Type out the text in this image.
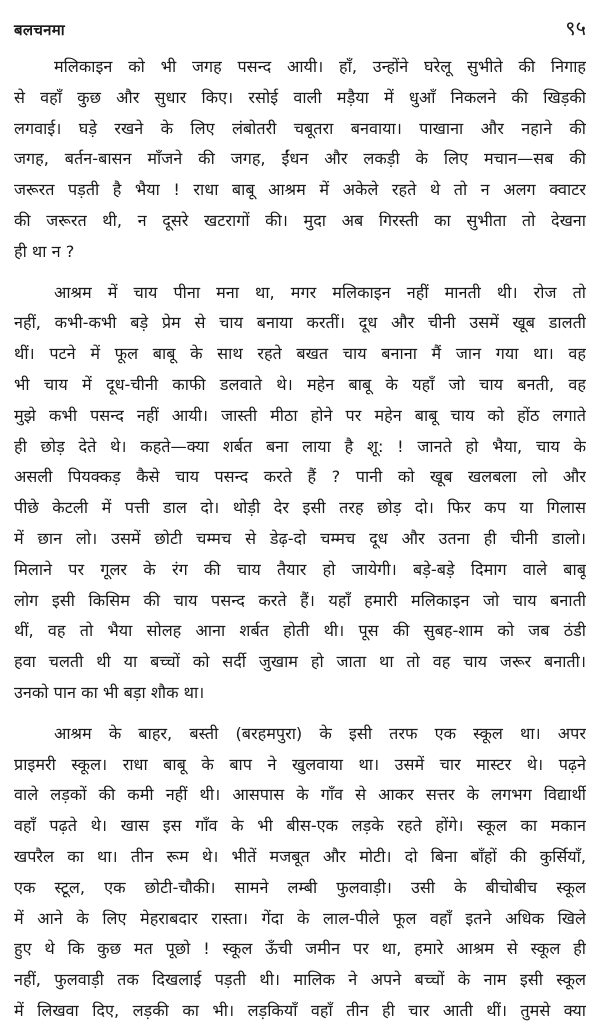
बलचनमा	९५
मलिकाइन को भी जगह पसन्द आयी। हाँ, उन्होंने घरेलू सुभीते की निगाह
से वहाँ कुछ और सुधार किए। रसोई वाली मड़ैया में धुआँ निकलने की खिड़की
लगवाई। घड़े रखने के लिए लंबोतरी चबूतरा बनवाया। पाखाना और नहाने की
जगह, बर्तन-बासन माँजने की जगह, ईंधन और लकड़ी के लिए मचान—सब की
जरूरत पड़ती है भैया ! राधा बाबू आश्रम में अकेले रहते थे तो न अलग क्वाटर
की जरूरत थी, न दूसरे खटरागों की। मुदा अब गिरस्ती का सुभीता तो देखना
ही था न ?
आश्रम में चाय पीना मना था, मगर मलिकाइन नहीं मानती थी। रोज तो
नहीं, कभी-कभी बड़े प्रेम से चाय बनाया करतीं। दूध और चीनी उसमें खूब डालती
थीं। पटने में फूल बाबू के साथ रहते बखत चाय बनाना मैं जान गया था। वह
भी चाय में दूध-चीनी काफी डलवाते थे। महेन बाबू के यहाँ जो चाय बनती, वह
मुझे कभी पसन्द नहीं आयी। जास्ती मीठा होने पर महेन बाबू चाय को होंठ लगाते
ही छोड़ देते थे। कहते—क्या शर्बत बना लाया है शू: ! जानते हो भैया, चाय के
असली पियक्कड़ कैसे चाय पसन्द करते हैं ? पानी को खूब खलबला लो और
पीछे केटली में पत्ती डाल दो। थोड़ी देर इसी तरह छोड़ दो। फिर कप या गिलास
में छान लो। उसमें छोटी चम्मच से डेढ़-दो चम्मच दूध और उतना ही चीनी डालो।
मिलाने पर गूलर के रंग की चाय तैयार हो जायेगी। बड़े-बड़े दिमाग वाले बाबू
लोग इसी किसिम की चाय पसन्द करते हैं। यहाँ हमारी मलिकाइन जो चाय बनाती
थीं, वह तो भैया सोलह आना शर्बत होती थी। पूस की सुबह-शाम को जब ठंडी
हवा चलती थी या बच्चों को सर्दी जुखाम हो जाता था तो वह चाय जरूर बनाती।
उनको पान का भी बड़ा शौक था।
आश्रम के बाहर, बस्ती (बरहमपुरा) के इसी तरफ एक स्कूल था। अपर
प्राइमरी स्कूल। राधा बाबू के बाप ने खुलवाया था। उसमें चार मास्टर थे। पढ़ने
वाले लड़कों की कमी नहीं थी। आसपास के गाँव से आकर सत्तर के लगभग विद्यार्थी
वहाँ पढ़ते थे। खास इस गाँव के भी बीस-एक लड़के रहते होंगे। स्कूल का मकान
खपरैल का था। तीन रूम थे। भीतें मजबूत और मोटी। दो बिना बाँहों की कुर्सियाँ,
एक स्टूल, एक छोटी-चौकी। सामने लम्बी फुलवाड़ी। उसी के बीचोबीच स्कूल
में आने के लिए मेहराबदार रास्ता। गेंदा के लाल-पीले फूल वहाँ इतने अधिक खिले
हुए थे कि कुछ मत पूछो ! स्कूल ऊँची जमीन पर था, हमारे आश्रम से स्कूल ही
नहीं, फुलवाड़ी तक दिखलाई पड़ती थी। मालिक ने अपने बच्चों के नाम इसी स्कूल
में लिखवा दिए, लड़की का भी। लड़कियाँ वहाँ तीन ही चार आती थीं। तुमसे क्या
